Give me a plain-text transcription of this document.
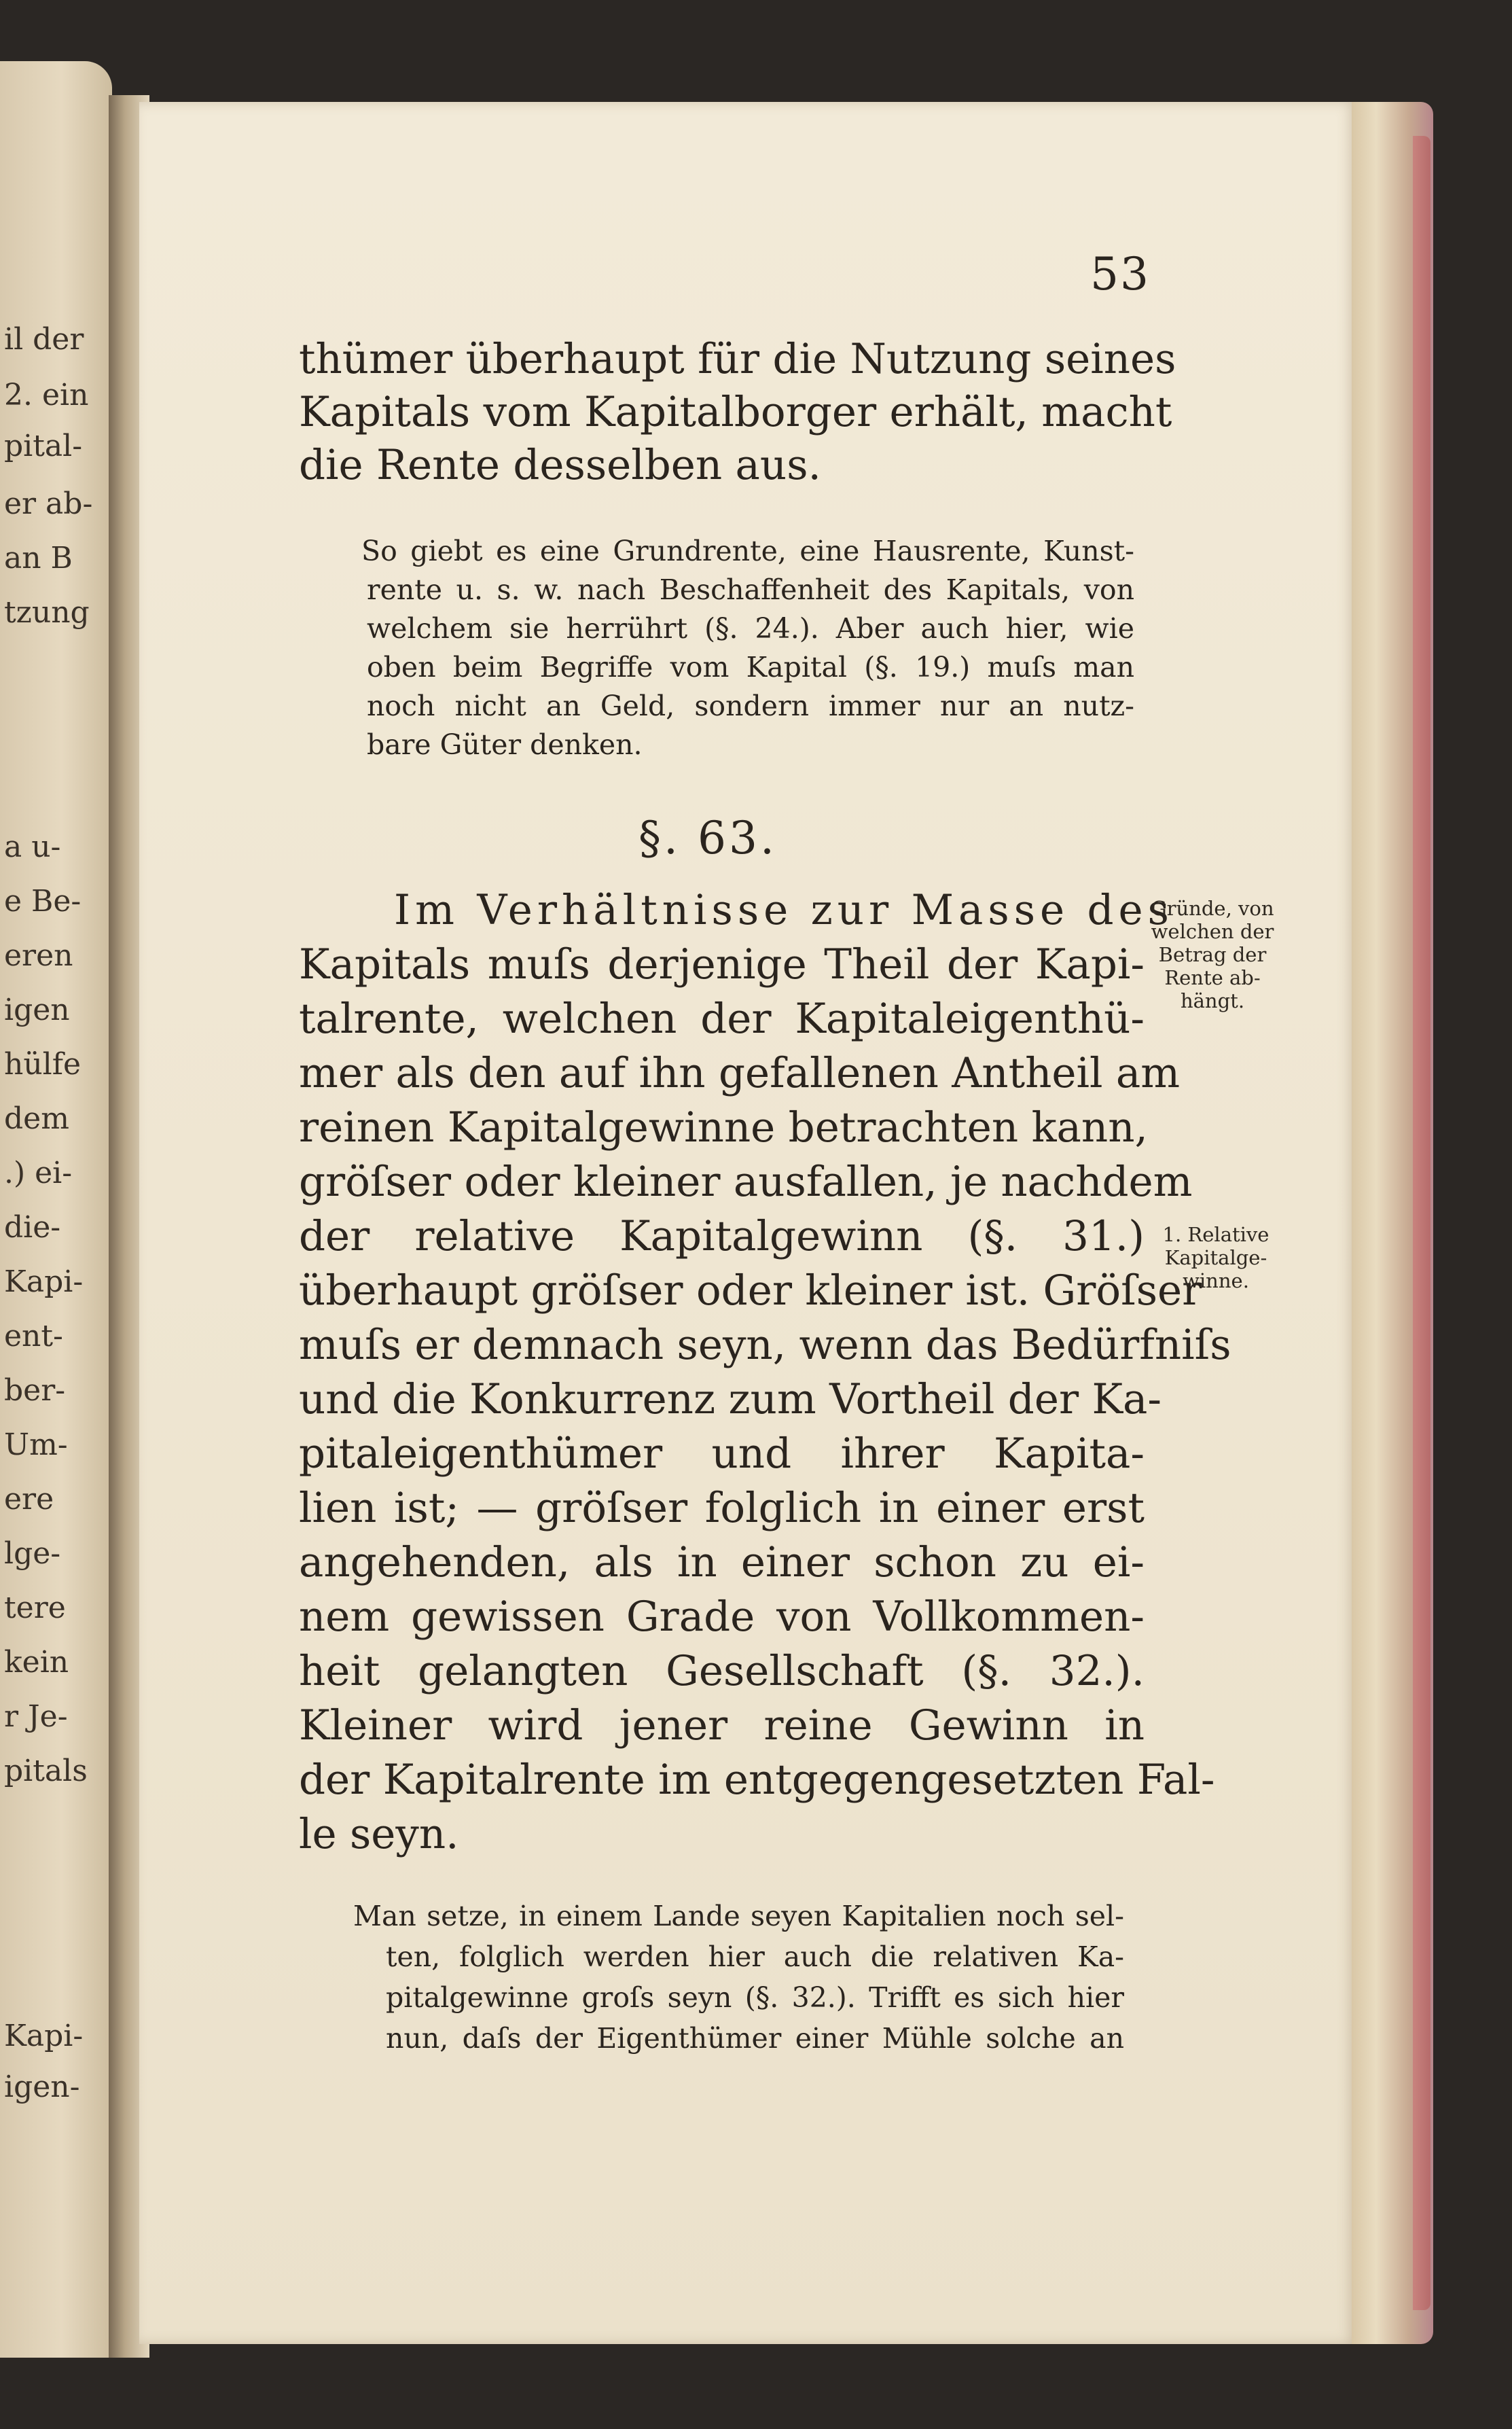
il der
2. ein
pital-
er ab-
an B
tzung
a u-
e Be-
eren
igen
hülfe
dem
.) ei-
die-
Kapi-
ent-
ber-
Um-
ere
lge-
tere
kein
r Je-
pitals
Kapi-
igen-
53

thümer überhaupt für die Nutzung seines
Kapitals vom Kapitalborger erhält, macht
die Rente desselben aus.

So giebt es eine Grundrente, eine Hausrente, Kunst-
rente u. s. w. nach Beschaffenheit des Kapitals, von
welchem sie herrührt (§. 24.). Aber auch hier, wie
oben beim Begriffe vom Kapital (§. 19.) muſs man
noch nicht an Geld, sondern immer nur an nutz-
bare Güter denken.

§. 63.

Im Verhältnisse zur Masse des
Kapitals muſs derjenige Theil der Kapi-
talrente, welchen der Kapitaleigenthü-
mer als den auf ihn gefallenen Antheil am
reinen Kapitalgewinne betrachten kann,
gröſser oder kleiner ausfallen, je nachdem
der relative Kapitalgewinn (§. 31.)
überhaupt gröſser oder kleiner ist. Gröſser
muſs er demnach seyn, wenn das Bedürfniſs
und die Konkurrenz zum Vortheil der Ka-
pitaleigenthümer und ihrer Kapita-
lien ist; — gröſser folglich in einer erst
angehenden, als in einer schon zu ei-
nem gewissen Grade von Vollkommen-
heit gelangten Gesellschaft (§. 32.).
Kleiner wird jener reine Gewinn in
der Kapitalrente im entgegengesetzten Fal-
le seyn.

Gründe, von
welchen der
Betrag der
Rente ab-
hängt.
1. Relative
Kapitalge-
winne.

Man setze, in einem Lande seyen Kapitalien noch sel-
ten, folglich werden hier auch die relativen Ka-
pitalgewinne groſs seyn (§. 32.). Trifft es sich hier
nun, daſs der Eigenthümer einer Mühle solche an
